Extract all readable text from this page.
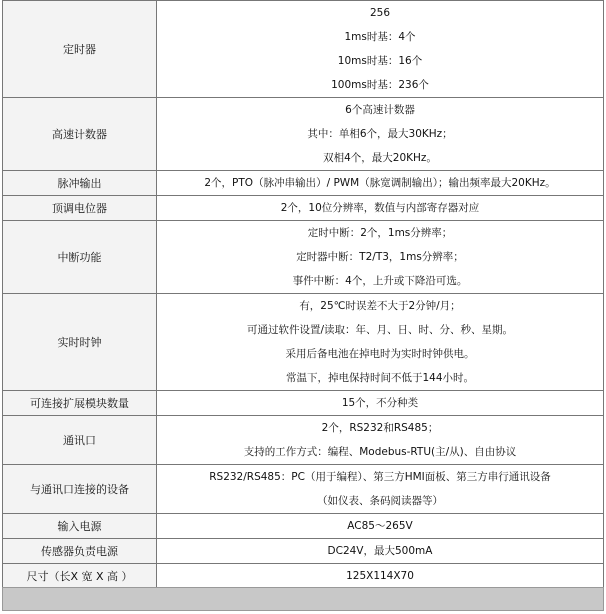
定时器	256
1ms时基：4个
10ms时基：16个
100ms时基：236个

高速计数器	6个高速计数器
其中：单相6个，最大30KHz；
双相4个，最大20KHz。

脉冲输出	2个，PTO（脉冲串输出）/ PWM（脉宽调制输出）；输出频率最大20KHz。

顶调电位器	2个，10位分辨率，数值与内部寄存器对应

中断功能	定时中断：2个，1ms分辨率；
定时器中断：T2/T3，1ms分辨率；
事件中断：4个，上升或下降沿可选。

实时时钟	有，25℃时误差不大于2分钟/月；
可通过软件设置/读取：年、月、日、时、分、秒、星期。
采用后备电池在掉电时为实时时钟供电。
常温下，掉电保持时间不低于144小时。

可连接扩展模块数量	15个，不分种类

通讯口	2个，RS232和RS485；
支持的工作方式：编程、Modebus-RTU(主/从)、自由协议

与通讯口连接的设备	RS232/RS485：PC（用于编程）、第三方HMI面板、第三方串行通讯设备
（如仪表、条码阅读器等）

输入电源	AC85～265V

传感器负责电源	DC24V，最大500mA

尺寸（长X 宽 X 高 ）	125X114X70
